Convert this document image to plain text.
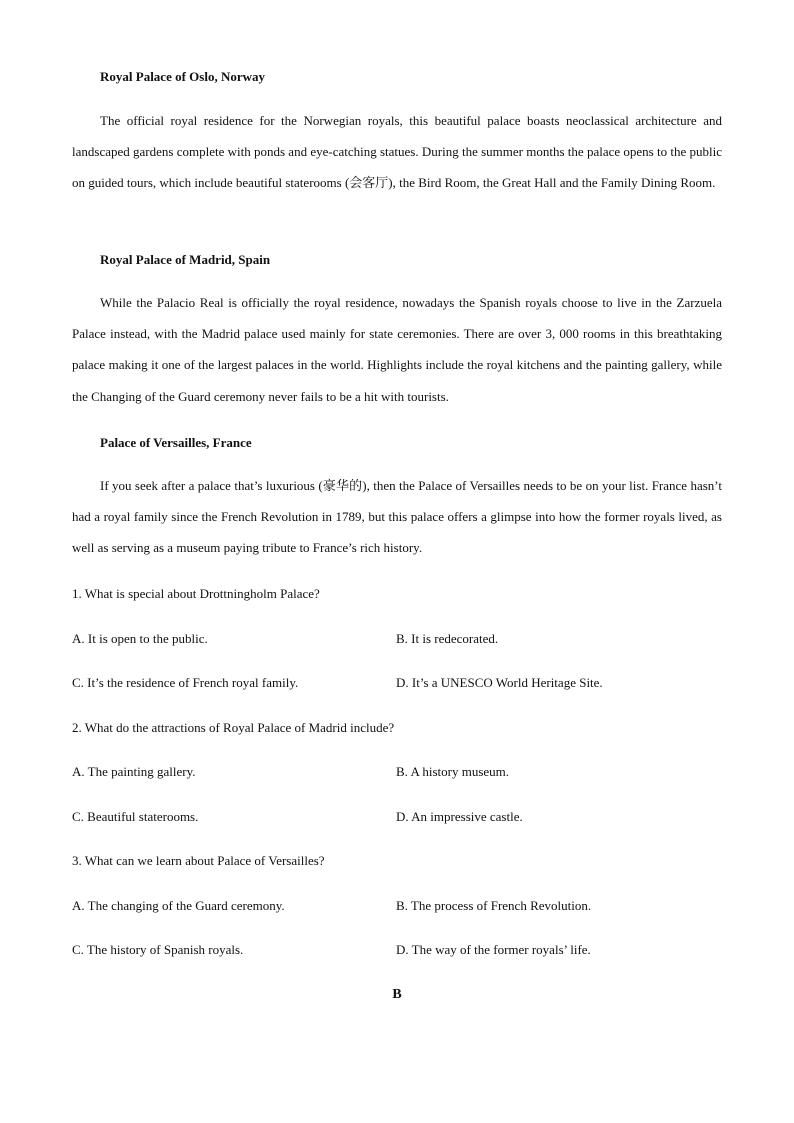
Royal Palace of Oslo, Norway
The official royal residence for the Norwegian royals, this beautiful palace boasts neoclassical architecture and landscaped gardens complete with ponds and eye-catching statues. During the summer months the palace opens to the public on guided tours, which include beautiful staterooms (会客厅), the Bird Room, the Great Hall and the Family Dining Room.
Royal Palace of Madrid, Spain
While the Palacio Real is officially the royal residence, nowadays the Spanish royals choose to live in the Zarzuela Palace instead, with the Madrid palace used mainly for state ceremonies. There are over 3, 000 rooms in this breathtaking palace making it one of the largest palaces in the world. Highlights include the royal kitchens and the painting gallery, while the Changing of the Guard ceremony never fails to be a hit with tourists.
Palace of Versailles, France
If you seek after a palace that’s luxurious (豪华的), then the Palace of Versailles needs to be on your list. France hasn’t had a royal family since the French Revolution in 1789, but this palace offers a glimpse into how the former royals lived, as well as serving as a museum paying tribute to France’s rich history.
1. What is special about Drottningholm Palace?
A. It is open to the public.	B. It is redecorated.
C. It’s the residence of French royal family.	D. It’s a UNESCO World Heritage Site.
2. What do the attractions of Royal Palace of Madrid include?
A. The painting gallery.	B. A history museum.
C. Beautiful staterooms.	D. An impressive castle.
3. What can we learn about Palace of Versailles?
A. The changing of the Guard ceremony.	B. The process of French Revolution.
C. The history of Spanish royals.	D. The way of the former royals’ life.
B
